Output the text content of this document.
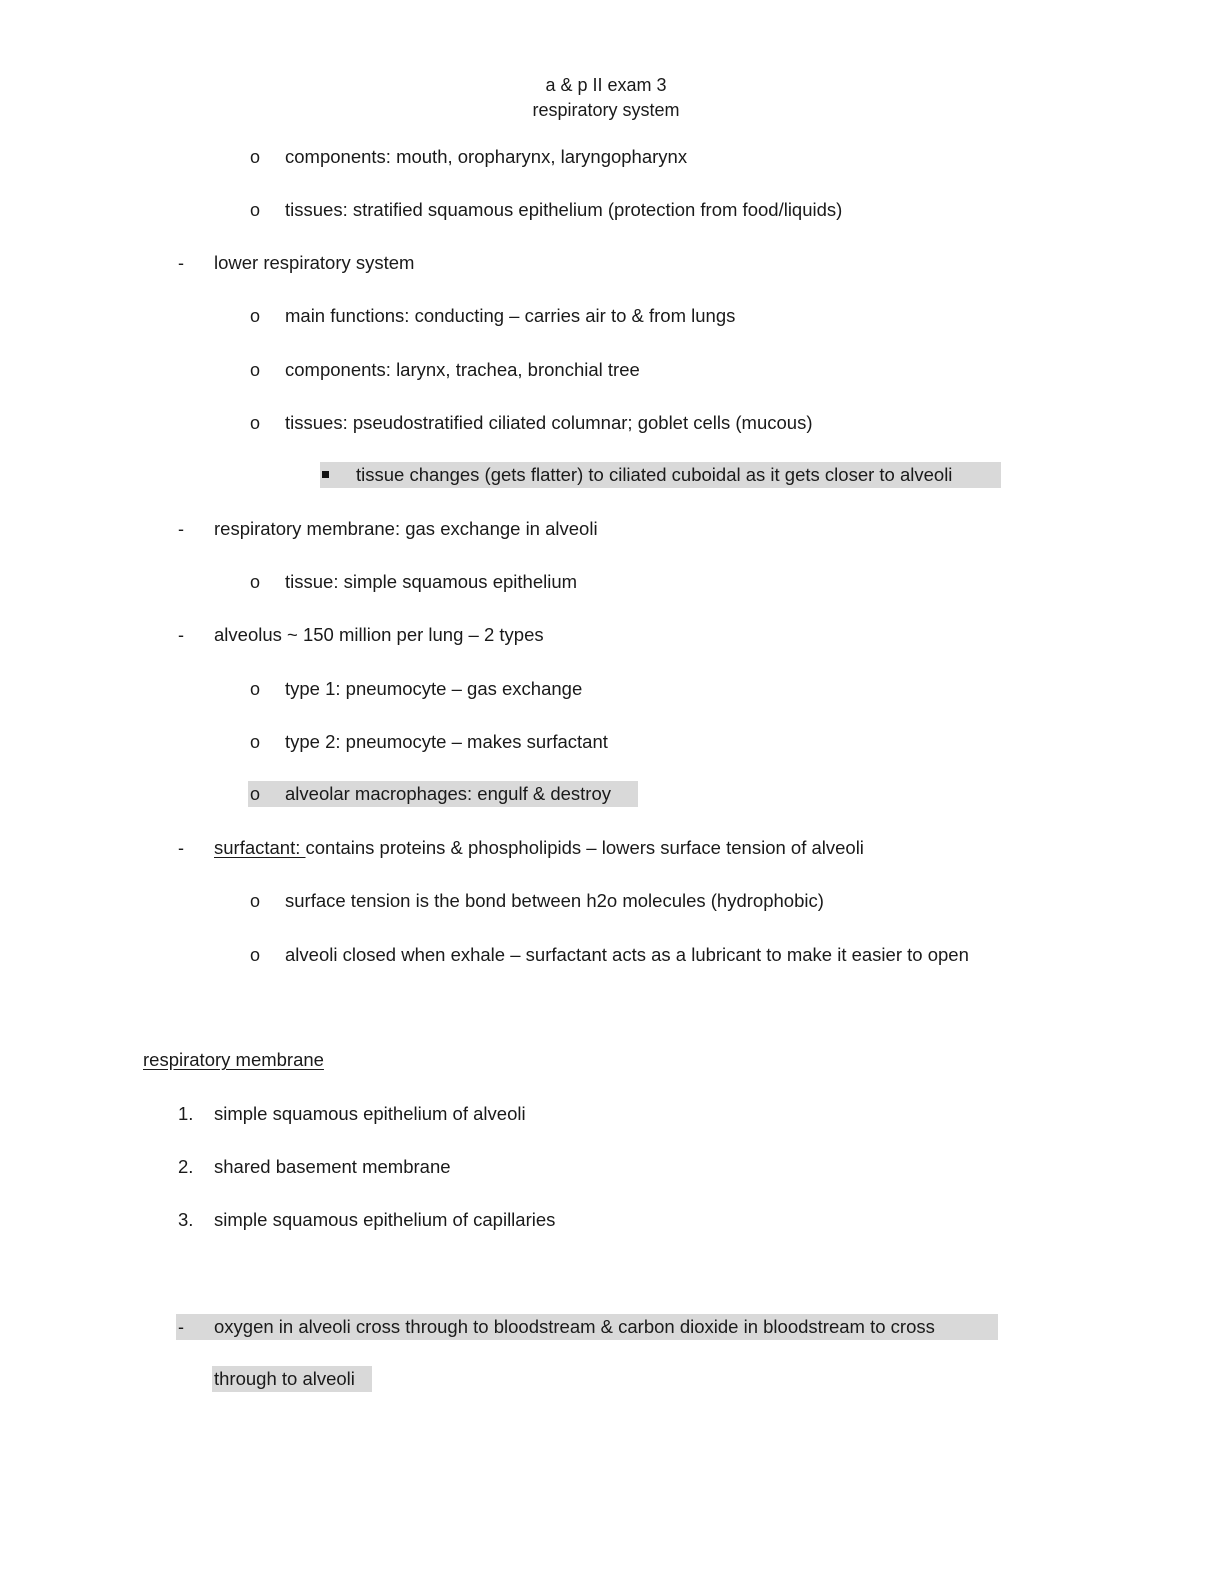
a & p II exam 3
respiratory system
o components: mouth, oropharynx, laryngopharynx
o tissues: stratified squamous epithelium (protection from food/liquids)
- lower respiratory system
o main functions: conducting – carries air to & from lungs
o components: larynx, trachea, bronchial tree
o tissues: pseudostratified ciliated columnar; goblet cells (mucous)
tissue changes (gets flatter) to ciliated cuboidal as it gets closer to alveoli
- respiratory membrane: gas exchange in alveoli
o tissue: simple squamous epithelium
- alveolus ~ 150 million per lung – 2 types
o type 1: pneumocyte – gas exchange
o type 2: pneumocyte – makes surfactant
o alveolar macrophages: engulf & destroy
- surfactant: contains proteins & phospholipids – lowers surface tension of alveoli
o surface tension is the bond between h2o molecules (hydrophobic)
o alveoli closed when exhale – surfactant acts as a lubricant to make it easier to open
respiratory membrane
1. simple squamous epithelium of alveoli
2. shared basement membrane
3. simple squamous epithelium of capillaries
- oxygen in alveoli cross through to bloodstream & carbon dioxide in bloodstream to cross
through to alveoli
